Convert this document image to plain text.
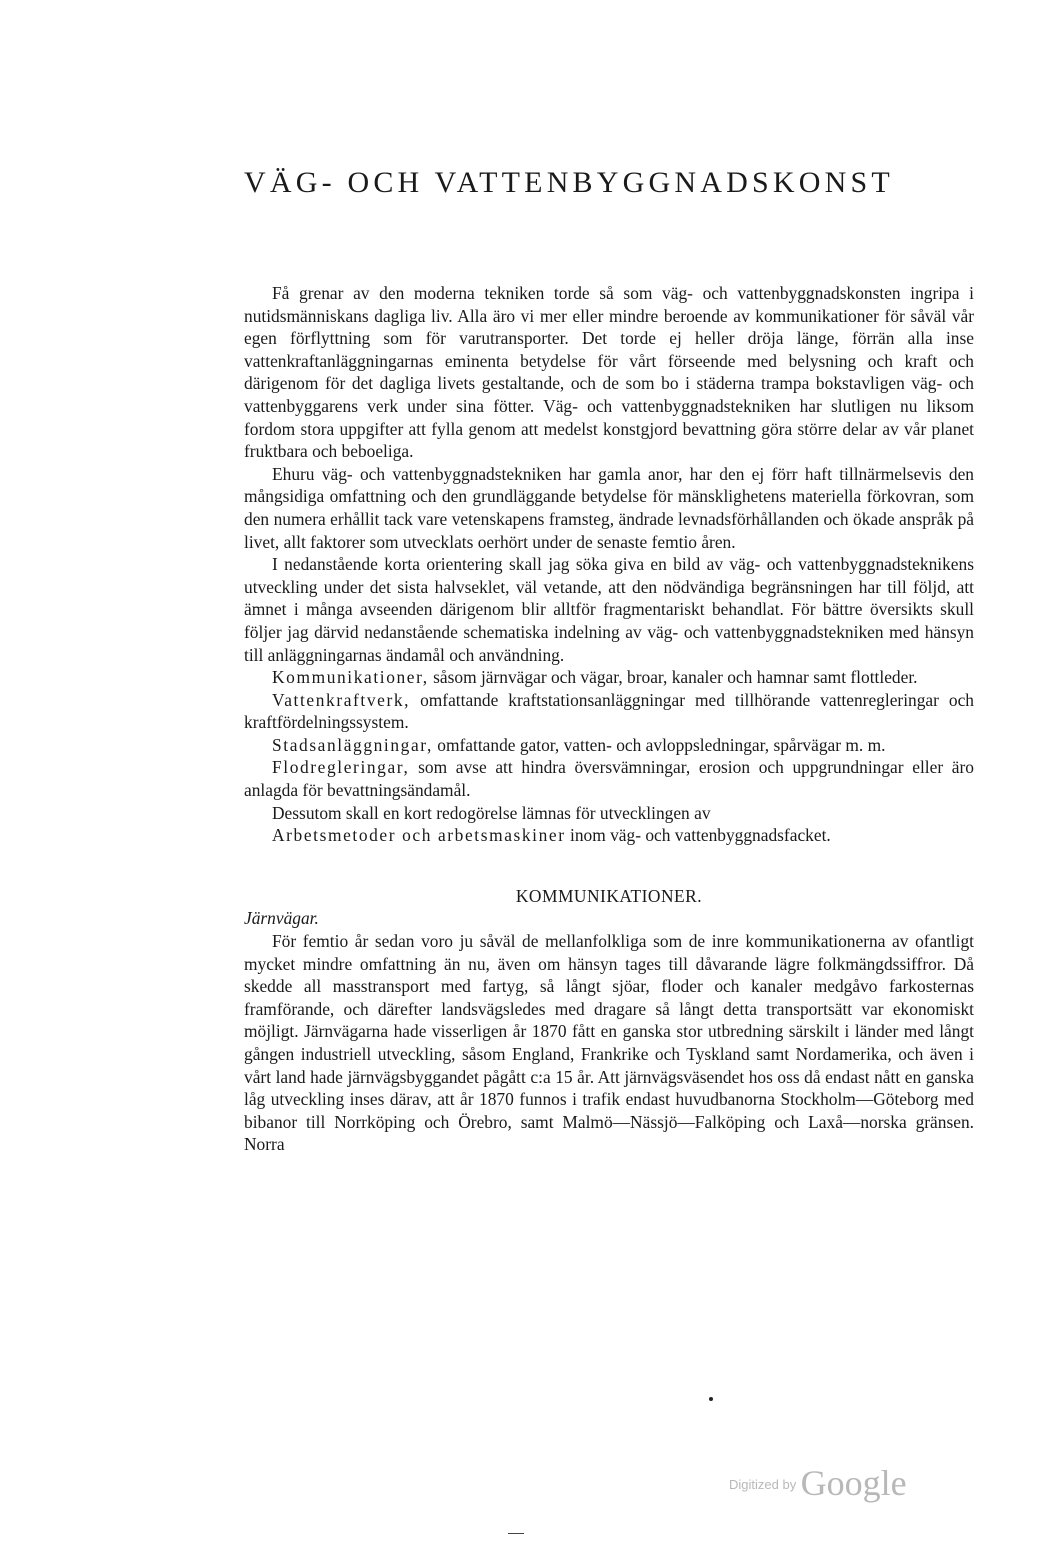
VÄG- OCH VATTENBYGGNADSKONST

Få grenar av den moderna tekniken torde så som väg- och vattenbyggnadskonsten ingripa i nutidsmänniskans dagliga liv. Alla äro vi mer eller mindre beroende av kommunikationer för såväl vår egen förflyttning som för varutransporter. Det torde ej heller dröja länge, förrän alla inse vattenkraftanläggningarnas eminenta betydelse för vårt förseende med belysning och kraft och därigenom för det dagliga livets gestaltande, och de som bo i städerna trampa bokstavligen väg- och vattenbyggarens verk under sina fötter. Väg- och vattenbyggnadstekniken har slutligen nu liksom fordom stora uppgifter att fylla genom att medelst konstgjord bevattning göra större delar av vår planet fruktbara och beboeliga.

Ehuru väg- och vattenbyggnadstekniken har gamla anor, har den ej förr haft tillnärmelsevis den mångsidiga omfattning och den grundläggande betydelse för mänsklighetens materiella förkovran, som den numera erhållit tack vare vetenskapens framsteg, ändrade levnadsförhållanden och ökade anspråk på livet, allt faktorer som utvecklats oerhört under de senaste femtio åren.

I nedanstående korta orientering skall jag söka giva en bild av väg- och vattenbyggnadsteknikens utveckling under det sista halvseklet, väl vetande, att den nödvändiga begränsningen har till följd, att ämnet i många avseenden därigenom blir alltför fragmentariskt behandlat. För bättre översikts skull följer jag därvid nedanstående schematiska indelning av väg- och vattenbyggnadstekniken med hänsyn till anläggningarnas ändamål och användning.

Kommunikationer, såsom järnvägar och vägar, broar, kanaler och hamnar samt flottleder.

Vattenkraftverk, omfattande kraftstationsanläggningar med tillhörande vattenregleringar och kraftfördelningssystem.

Stadsanläggningar, omfattande gator, vatten- och avloppsledningar, spårvägar m. m.

Flodregleringar, som avse att hindra översvämningar, erosion och uppgrundningar eller äro anlagda för bevattningsändamål.

Dessutom skall en kort redogörelse lämnas för utvecklingen av

Arbetsmetoder och arbetsmaskiner inom väg- och vattenbyggnadsfacket.

KOMMUNIKATIONER.

Järnvägar.

För femtio år sedan voro ju såväl de mellanfolkliga som de inre kommunikationerna av ofantligt mycket mindre omfattning än nu, även om hänsyn tages till dåvarande lägre folkmängdssiffror. Då skedde all masstransport med fartyg, så långt sjöar, floder och kanaler medgåvo farkosternas framförande, och därefter landsvägsledes med dragare så långt detta transportsätt var ekonomiskt möjligt. Järnvägarna hade visserligen år 1870 fått en ganska stor utbredning särskilt i länder med långt gången industriell utveckling, såsom England, Frankrike och Tyskland samt Nordamerika, och även i vårt land hade järnvägsbyggandet pågått c:a 15 år. Att järnvägsväsendet hos oss då endast nått en ganska låg utveckling inses därav, att år 1870 funnos i trafik endast huvudbanorna Stockholm—Göteborg med bibanor till Norrköping och Örebro, samt Malmö—Nässjö—Falköping och Laxå—norska gränsen. Norra

$^{Digitized by}$ Google
